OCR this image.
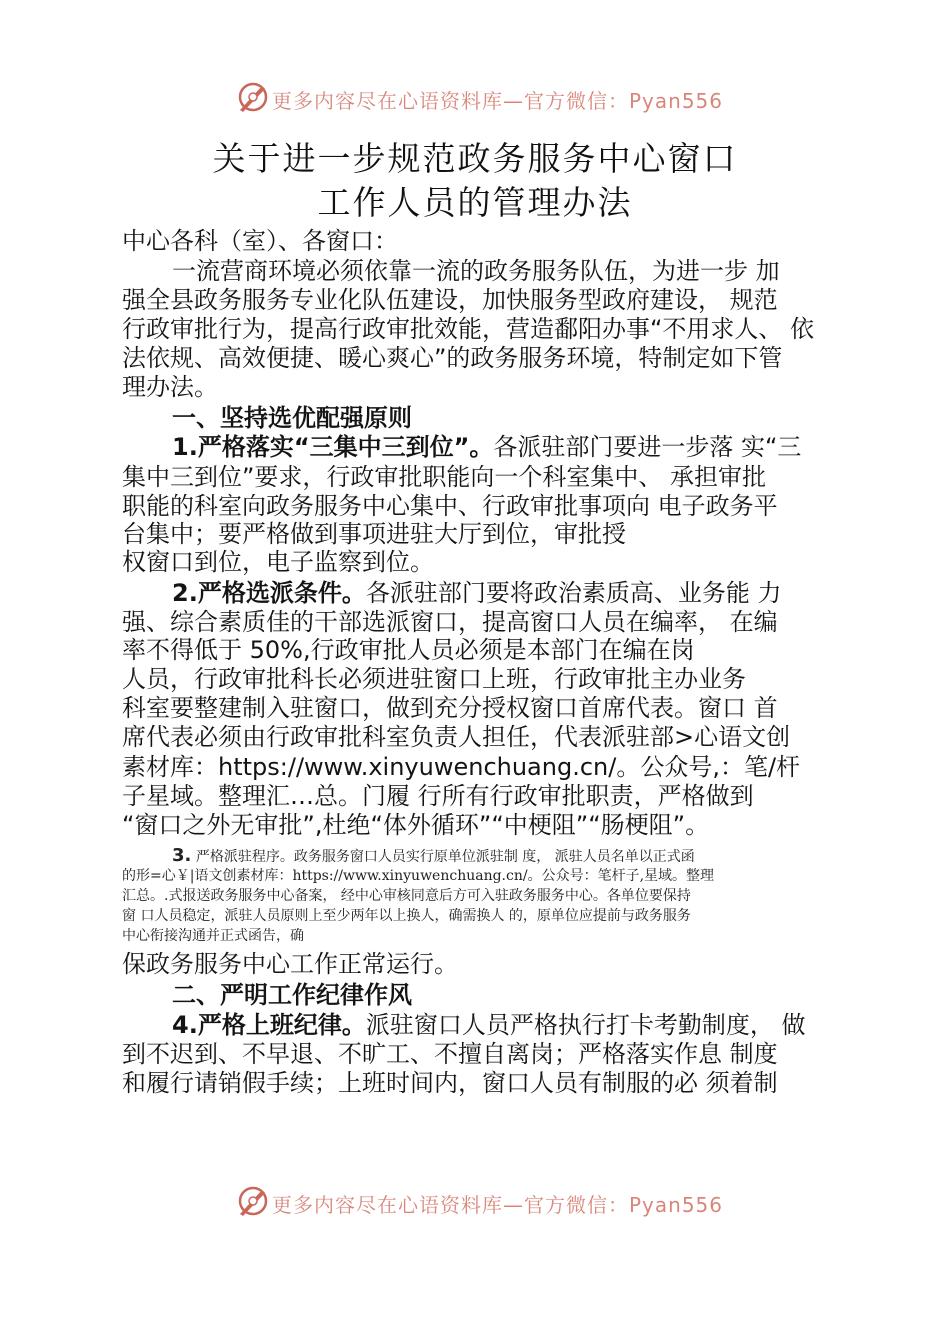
更多内容尽在心语资料库—官方微信：Pyan556
关于进一步规范政务服务中心窗口
工作人员的管理办法
中心各科（室）、各窗口：
一流营商环境必须依靠一流的政务服务队伍，为进一步 加
强全县政务服务专业化队伍建设，加快服务型政府建设， 规范
行政审批行为，提高行政审批效能，营造鄱阳办事“不用求人、 依
法依规、高效便捷、暖心爽心”的政务服务环境，特制定如下管
理办法。
一、坚持选优配强原则
1.严格落实“三集中三到位”。各派驻部门要进一步落 实“三
集中三到位”要求，行政审批职能向一个科室集中、 承担审批
职能的科室向政务服务中心集中、行政审批事项向 电子政务平
台集中；要严格做到事项进驻大厅到位，审批授
权窗口到位，电子监察到位。
2.严格选派条件。各派驻部门要将政治素质高、业务能 力
强、综合素质佳的干部选派窗口，提高窗口人员在编率， 在编
率不得低于 50%,行政审批人员必须是本部门在编在岗
人员，行政审批科长必须进驻窗口上班，行政审批主办业务
科室要整建制入驻窗口，做到充分授权窗口首席代表。窗口 首
席代表必须由行政审批科室负责人担任，代表派驻部>心语文创
素材库：https://www.xinyuwenchuang.cn/。公众号,：笔/杆
子星域。整理汇…总。门履 行所有行政审批职责，严格做到
“窗口之外无审批”,杜绝“体外循环”“中梗阻”“肠梗阻”。
3. 严格派驻程序。政务服务窗口人员实行原单位派驻制 度， 派驻人员名单以正式函
的形=心￥|语文创素材库：https://www.xinyuwenchuang.cn/。公众号：笔杆子,星域。整理
汇总。.式报送政务服务中心备案， 经中心审核同意后方可入驻政务服务中心。各单位要保持
窗 口人员稳定，派驻人员原则上至少两年以上换人，确需换人 的，原单位应提前与政务服务
中心衔接沟通并正式函告，确
保政务服务中心工作正常运行。
二、严明工作纪律作风
4.严格上班纪律。派驻窗口人员严格执行打卡考勤制度， 做
到不迟到、不早退、不旷工、不擅自离岗；严格落实作息 制度
和履行请销假手续；上班时间内，窗口人员有制服的必 须着制
更多内容尽在心语资料库—官方微信：Pyan556
